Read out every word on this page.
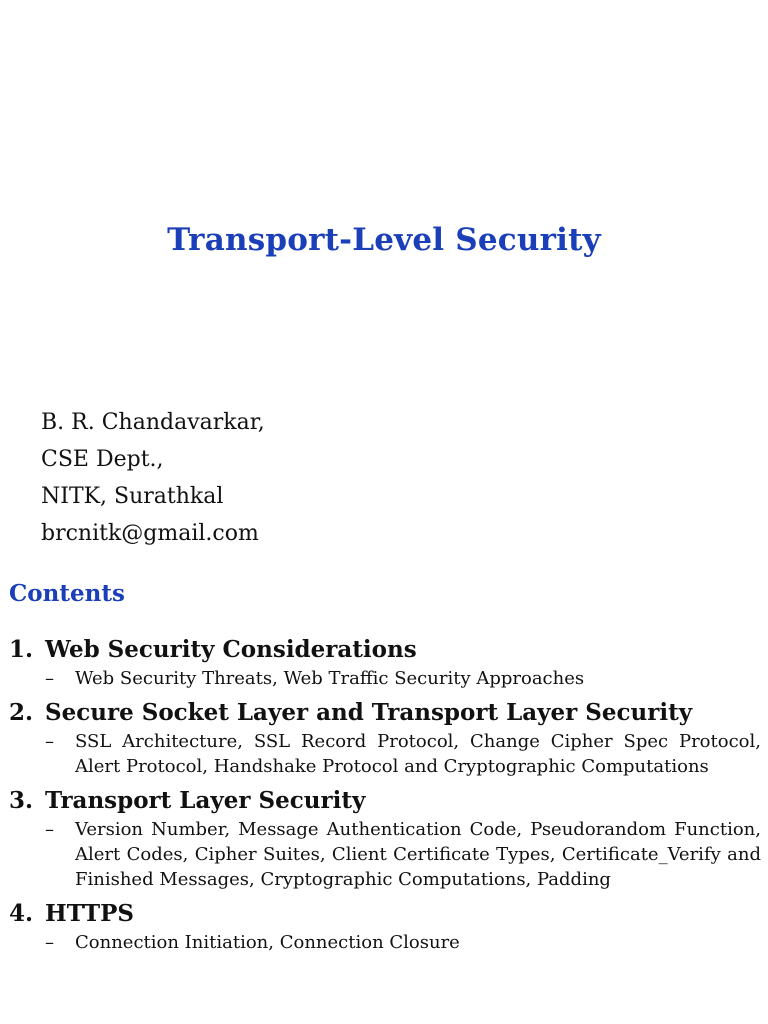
Transport-Level Security
B. R. Chandavarkar,
CSE Dept.,
NITK, Surathkal
brcnitk@gmail.com
Contents
1. Web Security Considerations
–	Web Security Threats, Web Traffic Security Approaches
2. Secure Socket Layer and Transport Layer Security
–	SSL Architecture, SSL Record Protocol, Change Cipher Spec Protocol, Alert Protocol, Handshake Protocol and Cryptographic Computations
3. Transport Layer Security
–	Version Number, Message Authentication Code, Pseudorandom Function, Alert Codes, Cipher Suites, Client Certificate Types, Certificate_Verify and Finished Messages, Cryptographic Computations, Padding
4. HTTPS
–	Connection Initiation, Connection Closure
